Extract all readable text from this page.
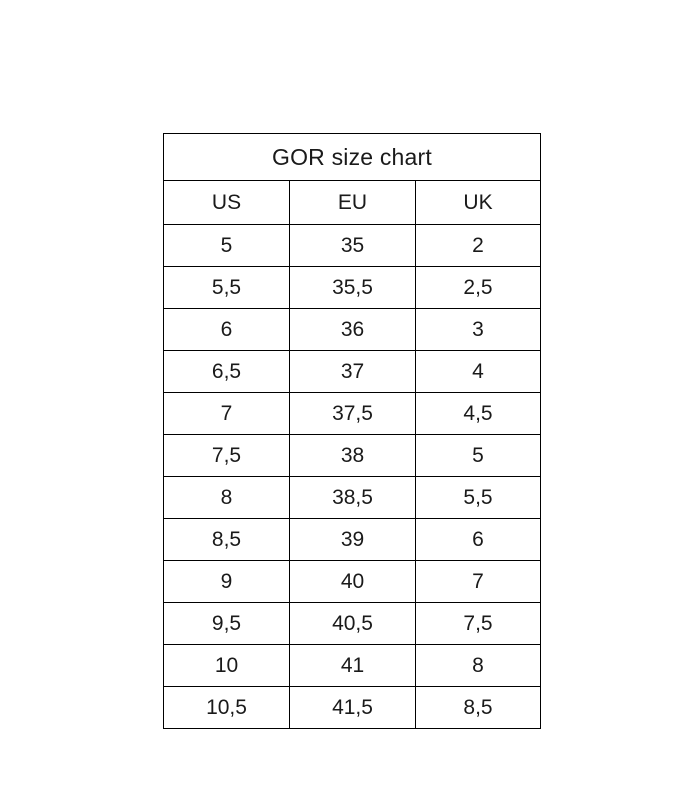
GOR size chart		
US	EU	UK
5	35	2
5,5	35,5	2,5
6	36	3
6,5	37	4
7	37,5	4,5
7,5	38	5
8	38,5	5,5
8,5	39	6
9	40	7
9,5	40,5	7,5
10	41	8
10,5	41,5	8,5
